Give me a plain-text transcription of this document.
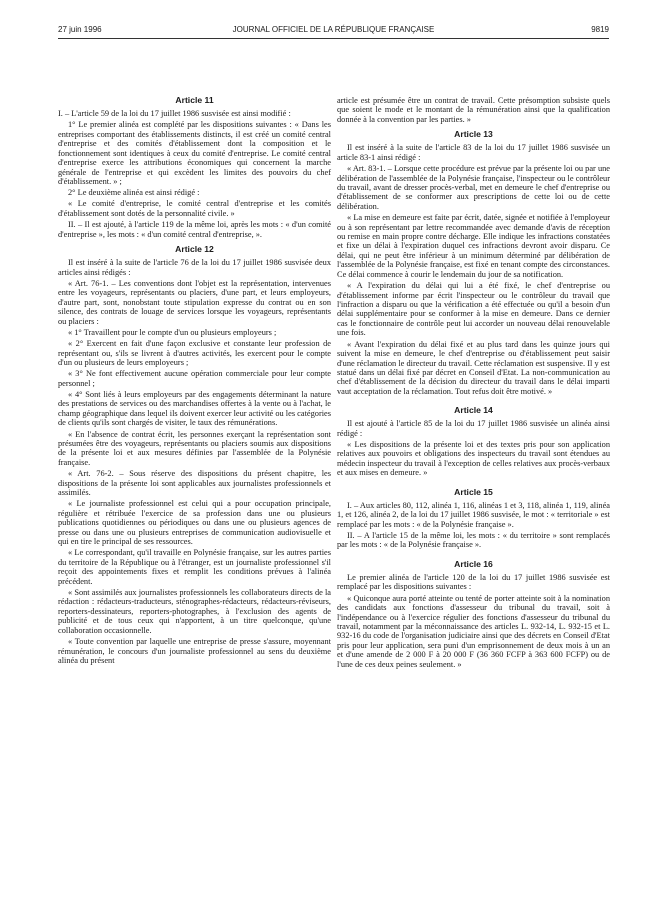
27 juin 1996	JOURNAL OFFICIEL DE LA RÉPUBLIQUE FRANÇAISE	9819
Article 11

I. – L'article 59 de la loi du 17 juillet 1986 susvisée est ainsi modifié :

1° Le premier alinéa est complété par les dispositions suivantes : « Dans les entreprises comportant des établissements distincts, il est créé un comité central d'entreprise et des comités d'établissement dont la composition et le fonctionnement sont identiques à ceux du comité d'entreprise. Le comité central d'entreprise exerce les attributions économiques qui concernent la marche générale de l'entreprise et qui excèdent les limites des pouvoirs du chef d'établissement. » ;

2° Le deuxième alinéa est ainsi rédigé :

« Le comité d'entreprise, le comité central d'entreprise et les comités d'établissement sont dotés de la personnalité civile. »

II. – Il est ajouté, à l'article 119 de la même loi, après les mots : « d'un comité d'entreprise », les mots : « d'un comité central d'entreprise, ».

Article 12

Il est inséré à la suite de l'article 76 de la loi du 17 juillet 1986 susvisée deux articles ainsi rédigés :

« Art. 76-1. – Les conventions dont l'objet est la représentation, intervenues entre les voyageurs, représentants ou placiers, d'une part, et leurs employeurs, d'autre part, sont, nonobstant toute stipulation expresse du contrat ou en son silence, des contrats de louage de services lorsque les voyageurs, représentants ou placiers :

« 1° Travaillent pour le compte d'un ou plusieurs employeurs ;

« 2° Exercent en fait d'une façon exclusive et constante leur profession de représentant ou, s'ils se livrent à d'autres activités, les exercent pour le compte d'un ou plusieurs de leurs employeurs ;

« 3° Ne font effectivement aucune opération commerciale pour leur compte personnel ;

« 4° Sont liés à leurs employeurs par des engagements déterminant la nature des prestations de services ou des marchandises offertes à la vente ou à l'achat, le champ géographique dans lequel ils doivent exercer leur activité ou les catégories de clients qu'ils sont chargés de visiter, le taux des rémunérations.

« En l'absence de contrat écrit, les personnes exerçant la représentation sont présumées être des voyageurs, représentants ou placiers soumis aux dispositions de la présente loi et aux mesures définies par l'assemblée de la Polynésie française.

« Art. 76-2. – Sous réserve des dispositions du présent chapitre, les dispositions de la présente loi sont applicables aux journalistes professionnels et assimilés.

« Le journaliste professionnel est celui qui a pour occupation principale, régulière et rétribuée l'exercice de sa profession dans une ou plusieurs publications quotidiennes ou périodiques ou dans une ou plusieurs agences de presse ou dans une ou plusieurs entreprises de communication audiovisuelle et qui en tire le principal de ses ressources.

« Le correspondant, qu'il travaille en Polynésie française, sur les autres parties du territoire de la République ou à l'étranger, est un journaliste professionnel s'il reçoit des appointements fixes et remplit les conditions prévues à l'alinéa précédent.

« Sont assimilés aux journalistes professionnels les collaborateurs directs de la rédaction : rédacteurs-traducteurs, sténographes-rédacteurs, rédacteurs-réviseurs, reporters-dessinateurs, reporters-photographes, à l'exclusion des agents de publicité et de tous ceux qui n'apportent, à un titre quelconque, qu'une collaboration occasionnelle.

« Toute convention par laquelle une entreprise de presse s'assure, moyennant rémunération, le concours d'un journaliste professionnel au sens du deuxième alinéa du présent

article est présumée être un contrat de travail. Cette présomption subsiste quels que soient le mode et le montant de la rémunération ainsi que la qualification donnée à la convention par les parties. »

Article 13

Il est inséré à la suite de l'article 83 de la loi du 17 juillet 1986 susvisée un article 83-1 ainsi rédigé :

« Art. 83-1. – Lorsque cette procédure est prévue par la présente loi ou par une délibération de l'assemblée de la Polynésie française, l'inspecteur ou le contrôleur du travail, avant de dresser procès-verbal, met en demeure le chef d'entreprise ou d'établissement de se conformer aux prescriptions de cette loi ou de cette délibération.

« La mise en demeure est faite par écrit, datée, signée et notifiée à l'employeur ou à son représentant par lettre recommandée avec demande d'avis de réception ou remise en main propre contre décharge. Elle indique les infractions constatées et fixe un délai à l'expiration duquel ces infractions devront avoir disparu. Ce délai, qui ne peut être inférieur à un minimum déterminé par délibération de l'assemblée de la Polynésie française, est fixé en tenant compte des circonstances. Ce délai commence à courir le lendemain du jour de sa notification.

« A l'expiration du délai qui lui a été fixé, le chef d'entreprise ou d'établissement informe par écrit l'inspecteur ou le contrôleur du travail que l'infraction a disparu ou que la vérification a été effectuée ou qu'il a besoin d'un délai supplémentaire pour se conformer à la mise en demeure. Dans ce dernier cas le fonctionnaire de contrôle peut lui accorder un nouveau délai renouvelable une fois.

« Avant l'expiration du délai fixé et au plus tard dans les quinze jours qui suivent la mise en demeure, le chef d'entreprise ou d'établissement peut saisir d'une réclamation le directeur du travail. Cette réclamation est suspensive. Il y est statué dans un délai fixé par décret en Conseil d'Etat. La non-communication au chef d'établissement de la décision du directeur du travail dans le délai imparti vaut acceptation de la réclamation. Tout refus doit être motivé. »

Article 14

Il est ajouté à l'article 85 de la loi du 17 juillet 1986 susvisée un alinéa ainsi rédigé :

« Les dispositions de la présente loi et des textes pris pour son application relatives aux pouvoirs et obligations des inspecteurs du travail sont étendues au médecin inspecteur du travail à l'exception de celles relatives aux procès-verbaux et aux mises en demeure. »

Article 15

I. – Aux articles 80, 112, alinéa 1, 116, alinéas 1 et 3, 118, alinéa 1, 119, alinéa 1, et 126, alinéa 2, de la loi du 17 juillet 1986 susvisée, le mot : « territoriale » est remplacé par les mots : « de la Polynésie française ».

II. – A l'article 15 de la même loi, les mots : « du territoire » sont remplacés par les mots : « de la Polynésie française ».

Article 16

Le premier alinéa de l'article 120 de la loi du 17 juillet 1986 susvisée est remplacé par les dispositions suivantes :

« Quiconque aura porté atteinte ou tenté de porter atteinte soit à la nomination des candidats aux fonctions d'assesseur du tribunal du travail, soit à l'indépendance ou à l'exercice régulier des fonctions d'assesseur du tribunal du travail, notamment par la méconnaissance des articles L. 932-14, L. 932-15 et L. 932-16 du code de l'organisation judiciaire ainsi que des décrets en Conseil d'Etat pris pour leur application, sera puni d'un emprisonnement de deux mois à un an et d'une amende de 2 000 F à 20 000 F (36 360 FCFP à 363 600 FCFP) ou de l'une de ces deux peines seulement. »
